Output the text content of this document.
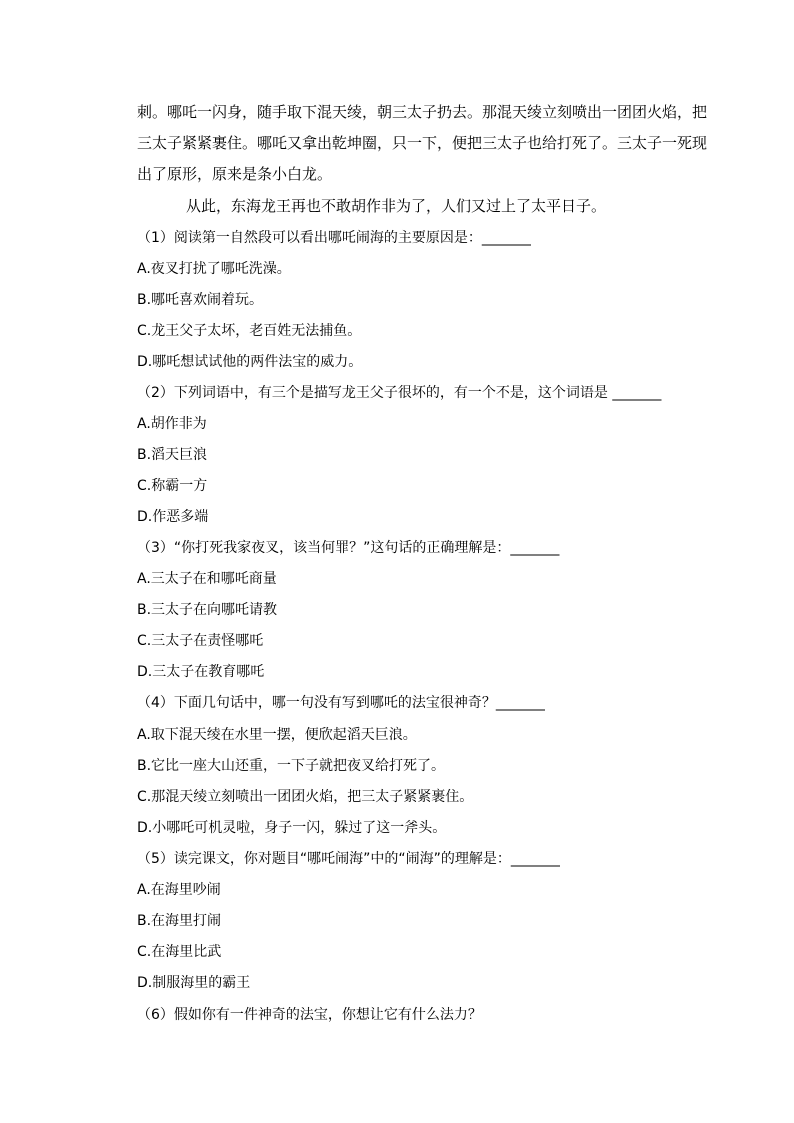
刺。哪吒一闪身，随手取下混天绫，朝三太子扔去。那混天绫立刻喷出一团团火焰，把
三太子紧紧裹住。哪吒又拿出乾坤圈，只一下，便把三太子也给打死了。三太子一死现
出了原形，原来是条小白龙。
从此，东海龙王再也不敢胡作非为了，人们又过上了太平日子。
（1）阅读第一自然段可以看出哪吒闹海的主要原因是：_______
A.夜叉打扰了哪吒洗澡。
B.哪吒喜欢闹着玩。
C.龙王父子太坏，老百姓无法捕鱼。
D.哪吒想试试他的两件法宝的威力。
（2）下列词语中，有三个是描写龙王父子很坏的，有一个不是，这个词语是 _______
A.胡作非为
B.滔天巨浪
C.称霸一方
D.作恶多端
（3）“你打死我家夜叉，该当何罪？”这句话的正确理解是：_______
A.三太子在和哪吒商量
B.三太子在向哪吒请教
C.三太子在责怪哪吒
D.三太子在教育哪吒
（4）下面几句话中，哪一句没有写到哪吒的法宝很神奇？_______
A.取下混天绫在水里一摆，便欣起滔天巨浪。
B.它比一座大山还重，一下子就把夜叉给打死了。
C.那混天绫立刻喷出一团团火焰，把三太子紧紧裹住。
D.小哪吒可机灵啦，身子一闪，躲过了这一斧头。
（5）读完课文，你对题目“哪吒闹海”中的“闹海”的理解是：_______
A.在海里吵闹
B.在海里打闹
C.在海里比武
D.制服海里的霸王
（6）假如你有一件神奇的法宝，你想让它有什么法力？
